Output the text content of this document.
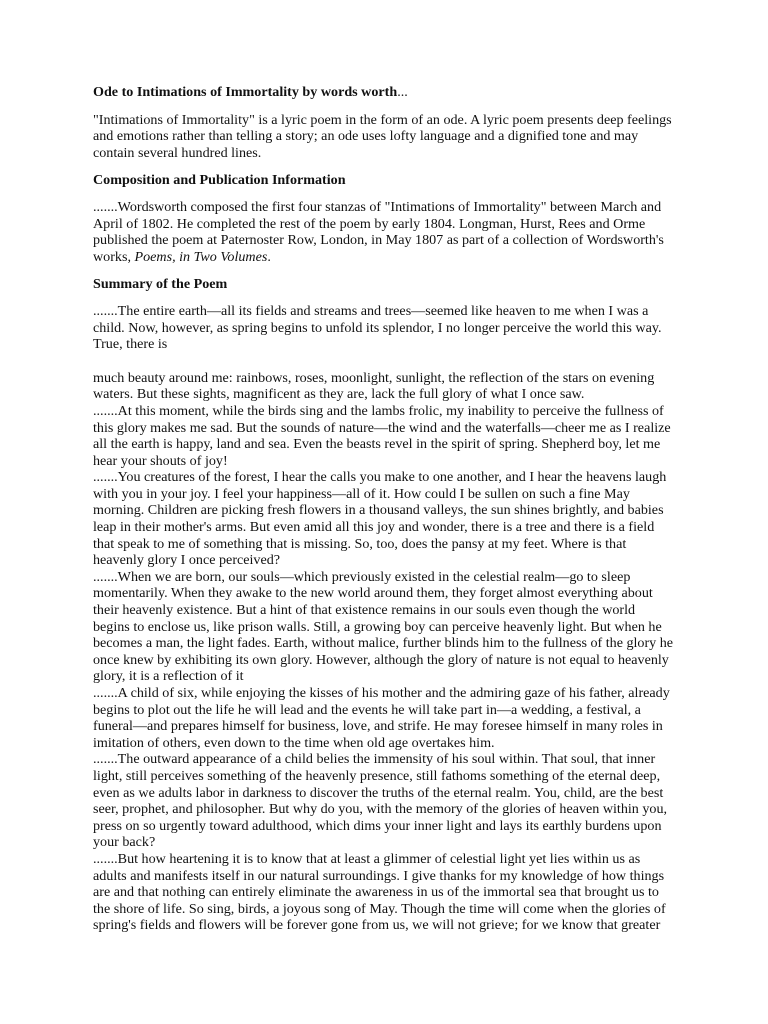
Ode to Intimations of Immortality by words worth...

"Intimations of Immortality" is a lyric poem in the form of an ode. A lyric poem presents deep feelings and emotions rather than telling a story; an ode uses lofty language and a dignified tone and may contain several hundred lines.

Composition and Publication Information

.......Wordsworth composed the first four stanzas of "Intimations of Immortality" between March and April of 1802. He completed the rest of the poem by early 1804. Longman, Hurst, Rees and Orme published the poem at Paternoster Row, London, in May 1807 as part of a collection of Wordsworth's works, Poems, in Two Volumes.

Summary of the Poem

.......The entire earth—all its fields and streams and trees—seemed like heaven to me when I was a child. Now, however, as spring begins to unfold its splendor, I no longer perceive the world this way. True, there is

much beauty around me: rainbows, roses, moonlight, sunlight, the reflection of the stars on evening waters. But these sights, magnificent as they are, lack the full glory of what I once saw.

.......At this moment, while the birds sing and the lambs frolic, my inability to perceive the fullness of this glory makes me sad. But the sounds of nature—the wind and the waterfalls—cheer me as I realize all the earth is happy, land and sea. Even the beasts revel in the spirit of spring. Shepherd boy, let me hear your shouts of joy!

.......You creatures of the forest, I hear the calls you make to one another, and I hear the heavens laugh with you in your joy. I feel your happiness—all of it. How could I be sullen on such a fine May morning. Children are picking fresh flowers in a thousand valleys, the sun shines brightly, and babies leap in their mother's arms. But even amid all this joy and wonder, there is a tree and there is a field that speak to me of something that is missing. So, too, does the pansy at my feet. Where is that heavenly glory I once perceived?

.......When we are born, our souls—which previously existed in the celestial realm—go to sleep momentarily. When they awake to the new world around them, they forget almost everything about their heavenly existence. But a hint of that existence remains in our souls even though the world begins to enclose us, like prison walls. Still, a growing boy can perceive heavenly light. But when he becomes a man, the light fades. Earth, without malice, further blinds him to the fullness of the glory he once knew by exhibiting its own glory. However, although the glory of nature is not equal to heavenly glory, it is a reflection of it

.......A child of six, while enjoying the kisses of his mother and the admiring gaze of his father, already begins to plot out the life he will lead and the events he will take part in—a wedding, a festival, a funeral—and prepares himself for business, love, and strife. He may foresee himself in many roles in imitation of others, even down to the time when old age overtakes him.

.......The outward appearance of a child belies the immensity of his soul within. That soul, that inner light, still perceives something of the heavenly presence, still fathoms something of the eternal deep, even as we adults labor in darkness to discover the truths of the eternal realm. You, child, are the best seer, prophet, and philosopher. But why do you, with the memory of the glories of heaven within you, press on so urgently toward adulthood, which dims your inner light and lays its earthly burdens upon your back?

.......But how heartening it is to know that at least a glimmer of celestial light yet lies within us as adults and manifests itself in our natural surroundings. I give thanks for my knowledge of how things are and that nothing can entirely eliminate the awareness in us of the immortal sea that brought us to the shore of life. So sing, birds, a joyous song of May. Though the time will come when the glories of spring's fields and flowers will be forever gone from us, we will not grieve; for we know that greater
